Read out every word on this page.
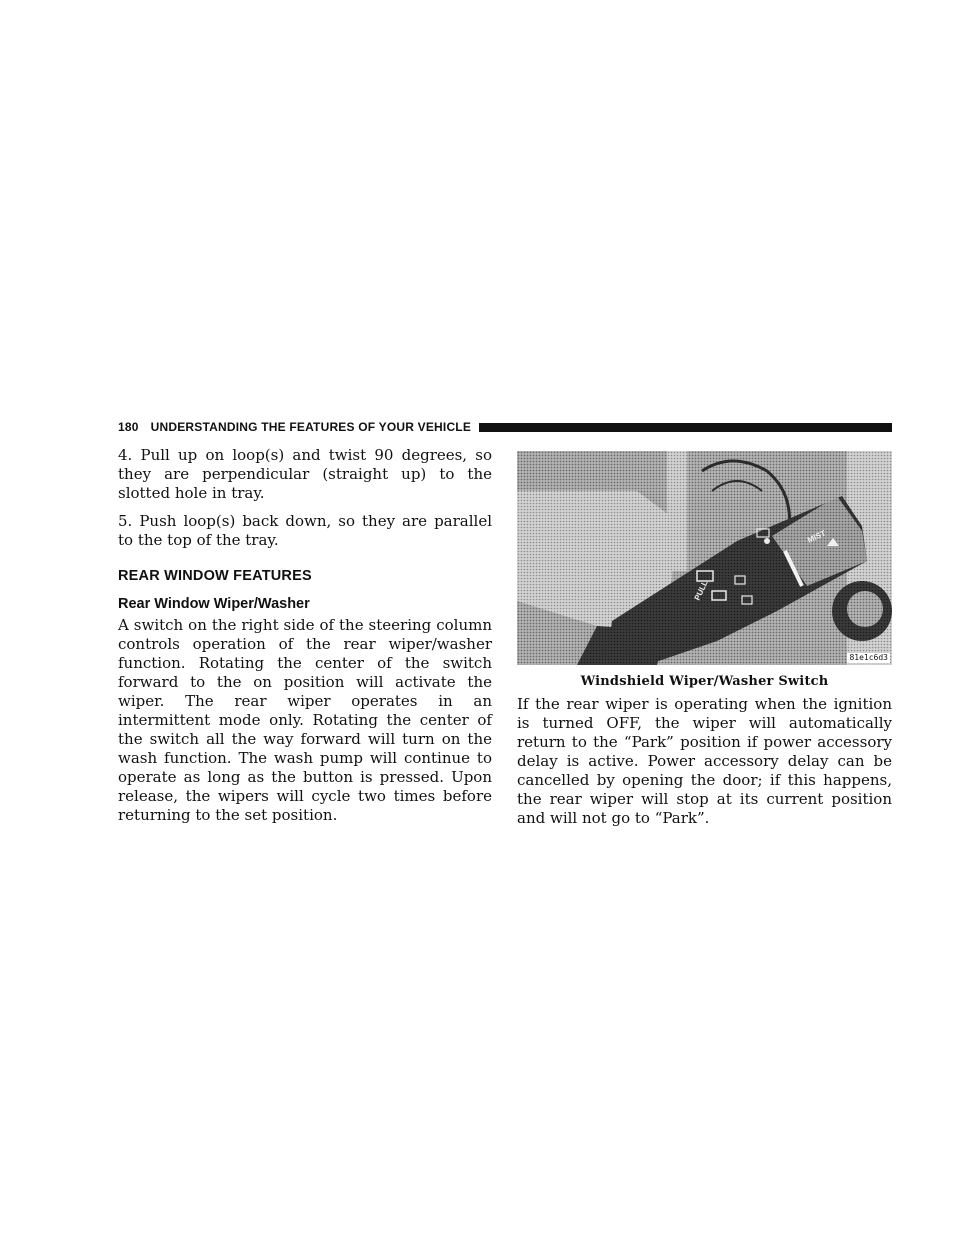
180 UNDERSTANDING THE FEATURES OF YOUR VEHICLE

4. Pull up on loop(s) and twist 90 degrees, so they are perpendicular (straight up) to the slotted hole in tray.

5. Push loop(s) back down, so they are parallel to the top of the tray.

REAR WINDOW FEATURES
Rear Window Wiper/Washer

A switch on the right side of the steering column controls operation of the rear wiper/washer function. Rotating the center of the switch forward to the on position will activate the wiper. The rear wiper operates in an intermittent mode only. Rotating the center of the switch all the way forward will turn on the wash function. The wash pump will continue to operate as long as the button is pressed. Upon release, the wipers will cycle two times before returning to the set position.

PULL
MIST
81e1c6d3
Windshield Wiper/Washer Switch

If the rear wiper is operating when the ignition is turned OFF, the wiper will automatically return to the “Park” position if power accessory delay is active. Power accessory delay can be cancelled by opening the door; if this happens, the rear wiper will stop at its current position and will not go to “Park”.
